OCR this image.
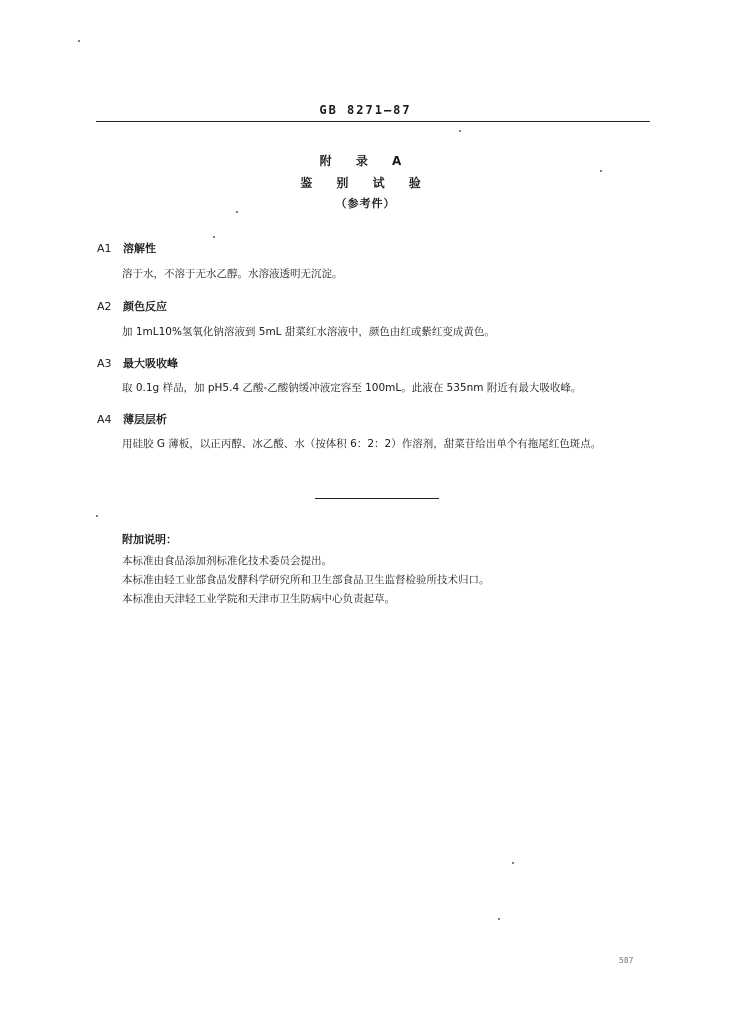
GB 8271—87
附 录 A
鉴 别 试 验
（参考件）
A1 溶解性
溶于水，不溶于无水乙醇。水溶液透明无沉淀。
A2 颜色反应
加 1mL10%氢氧化钠溶液到 5mL 甜菜红水溶液中，颜色由红或紫红变成黄色。
A3 最大吸收峰
取 0.1g 样品，加 pH5.4 乙酸-乙酸钠缓冲液定容至 100mL。此液在 535nm 附近有最大吸收峰。
A4 薄层层析
用硅胶 G 薄板，以正丙醇、冰乙酸、水（按体积 6：2：2）作溶剂，甜菜苷给出单个有拖尾红色斑点。
附加说明：
本标准由食品添加剂标准化技术委员会提出。
本标准由轻工业部食品发酵科学研究所和卫生部食品卫生监督检验所技术归口。
本标准由天津轻工业学院和天津市卫生防病中心负责起草。
587
